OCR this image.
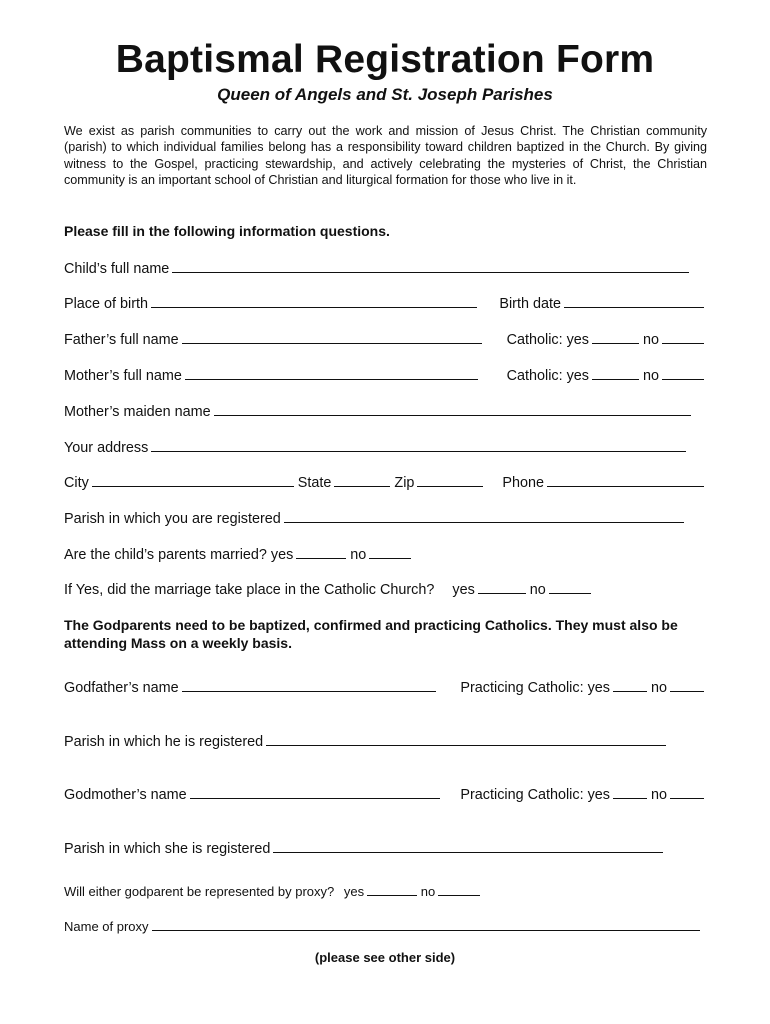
Baptismal Registration Form
Queen of Angels and St. Joseph Parishes
We exist as parish communities to carry out the work and mission of Jesus Christ. The Christian community (parish) to which individual families belong has a responsibility toward children baptized in the Church. By giving witness to the Gospel, practicing stewardship, and actively celebrating the mysteries of Christ, the Christian community is an important school of Christian and liturgical formation for those who live in it.
Please fill in the following information questions.
Child’s full name
Place of birth	Birth date
Father’s full name	Catholic: yes	no
Mother’s full name	Catholic: yes	no
Mother’s maiden name
Your address
City	State	Zip	Phone
Parish in which you are registered
Are the child’s parents married? yes	no
If Yes, did the marriage take place in the Catholic Church? yes	no
The Godparents need to be baptized, confirmed and practicing Catholics. They must also be attending Mass on a weekly basis.
Godfather’s name	Practicing Catholic: yes	no
Parish in which he is registered
Godmother’s name	Practicing Catholic: yes	no
Parish in which she is registered
Will either godparent be represented by proxy? yes	no
Name of proxy
(please see other side)
